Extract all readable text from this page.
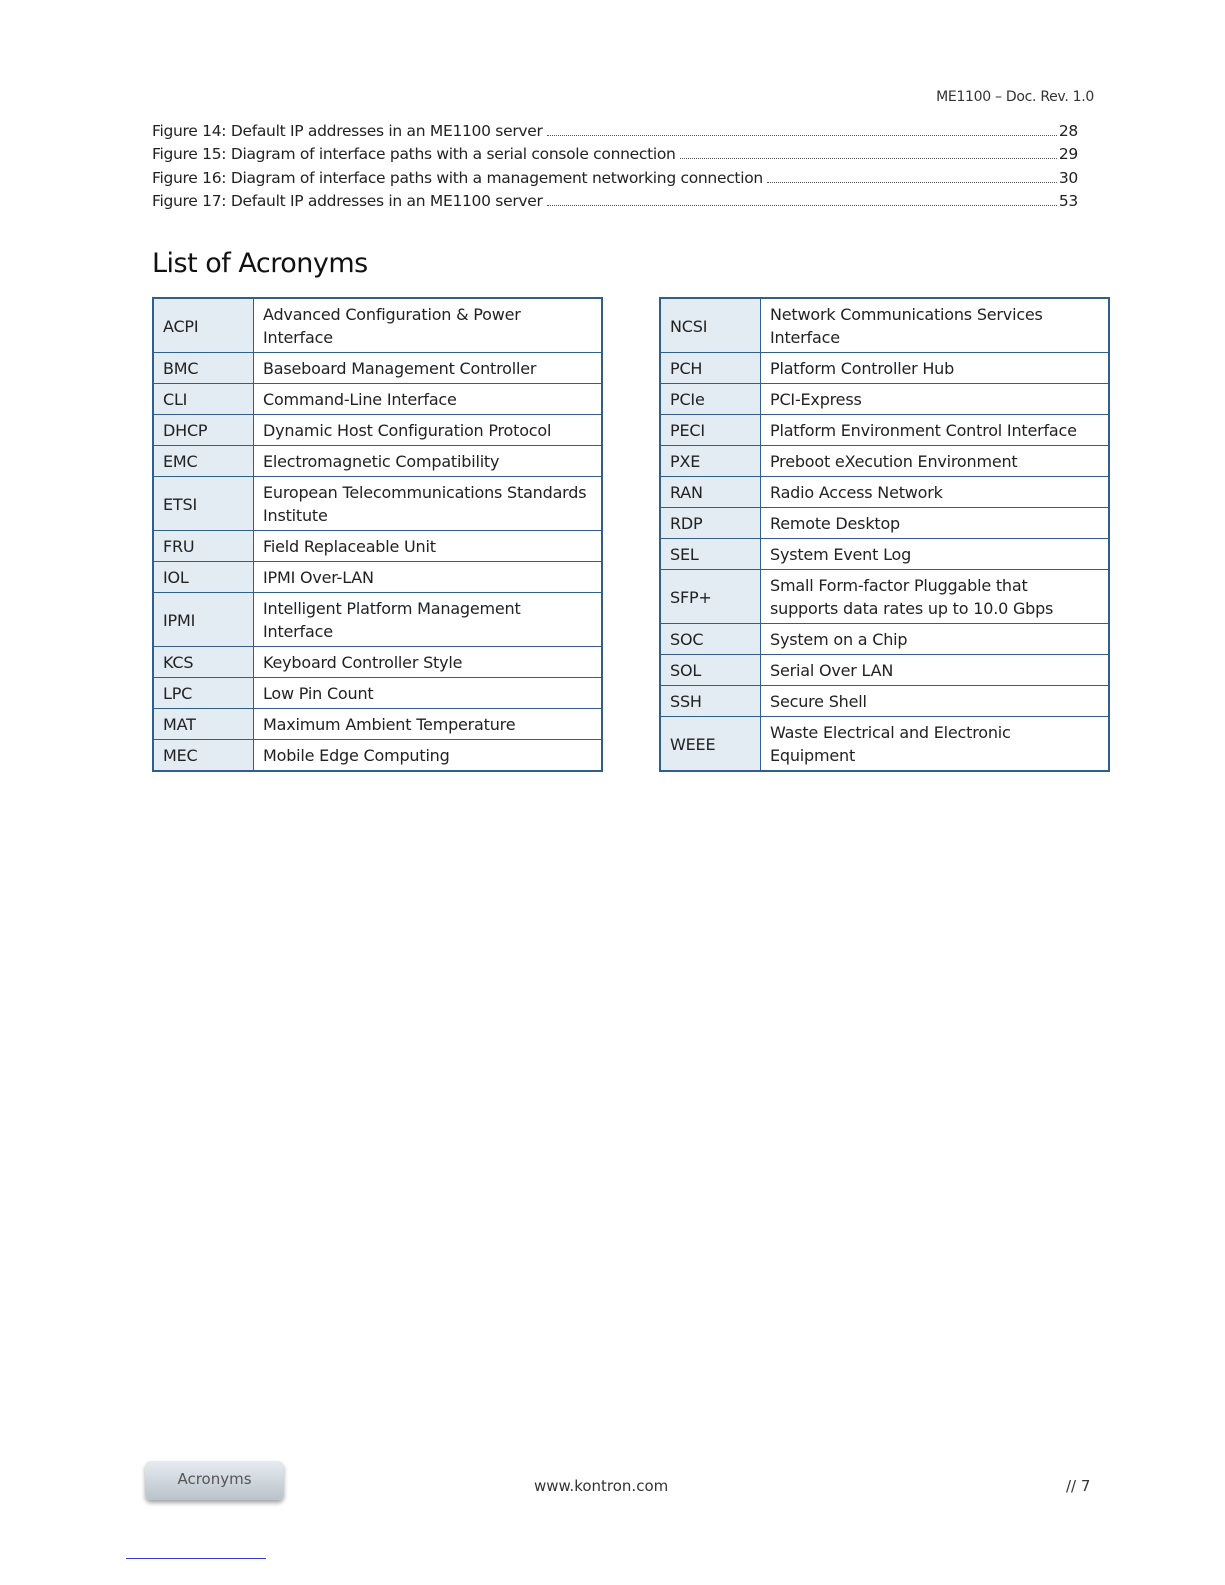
ME1100 – Doc. Rev. 1.0
Figure 14: Default IP addresses in an ME1100 server	28
Figure 15: Diagram of interface paths with a serial console connection	29
Figure 16: Diagram of interface paths with a management networking connection	30
Figure 17: Default IP addresses in an ME1100 server	53
List of Acronyms
ACPI	Advanced Configuration & Power Interface
BMC	Baseboard Management Controller
CLI	Command-Line Interface
DHCP	Dynamic Host Configuration Protocol
EMC	Electromagnetic Compatibility
ETSI	European Telecommunications Standards Institute
FRU	Field Replaceable Unit
IOL	IPMI Over-LAN
IPMI	Intelligent Platform Management Interface
KCS	Keyboard Controller Style
LPC	Low Pin Count
MAT	Maximum Ambient Temperature
MEC	Mobile Edge Computing
NCSI	Network Communications Services Interface
PCH	Platform Controller Hub
PCIe	PCI-Express
PECI	Platform Environment Control Interface
PXE	Preboot eXecution Environment
RAN	Radio Access Network
RDP	Remote Desktop
SEL	System Event Log
SFP+	Small Form-factor Pluggable that supports data rates up to 10.0 Gbps
SOC	System on a Chip
SOL	Serial Over LAN
SSH	Secure Shell
WEEE	Waste Electrical and Electronic Equipment
Acronyms	www.kontron.com	// 7
